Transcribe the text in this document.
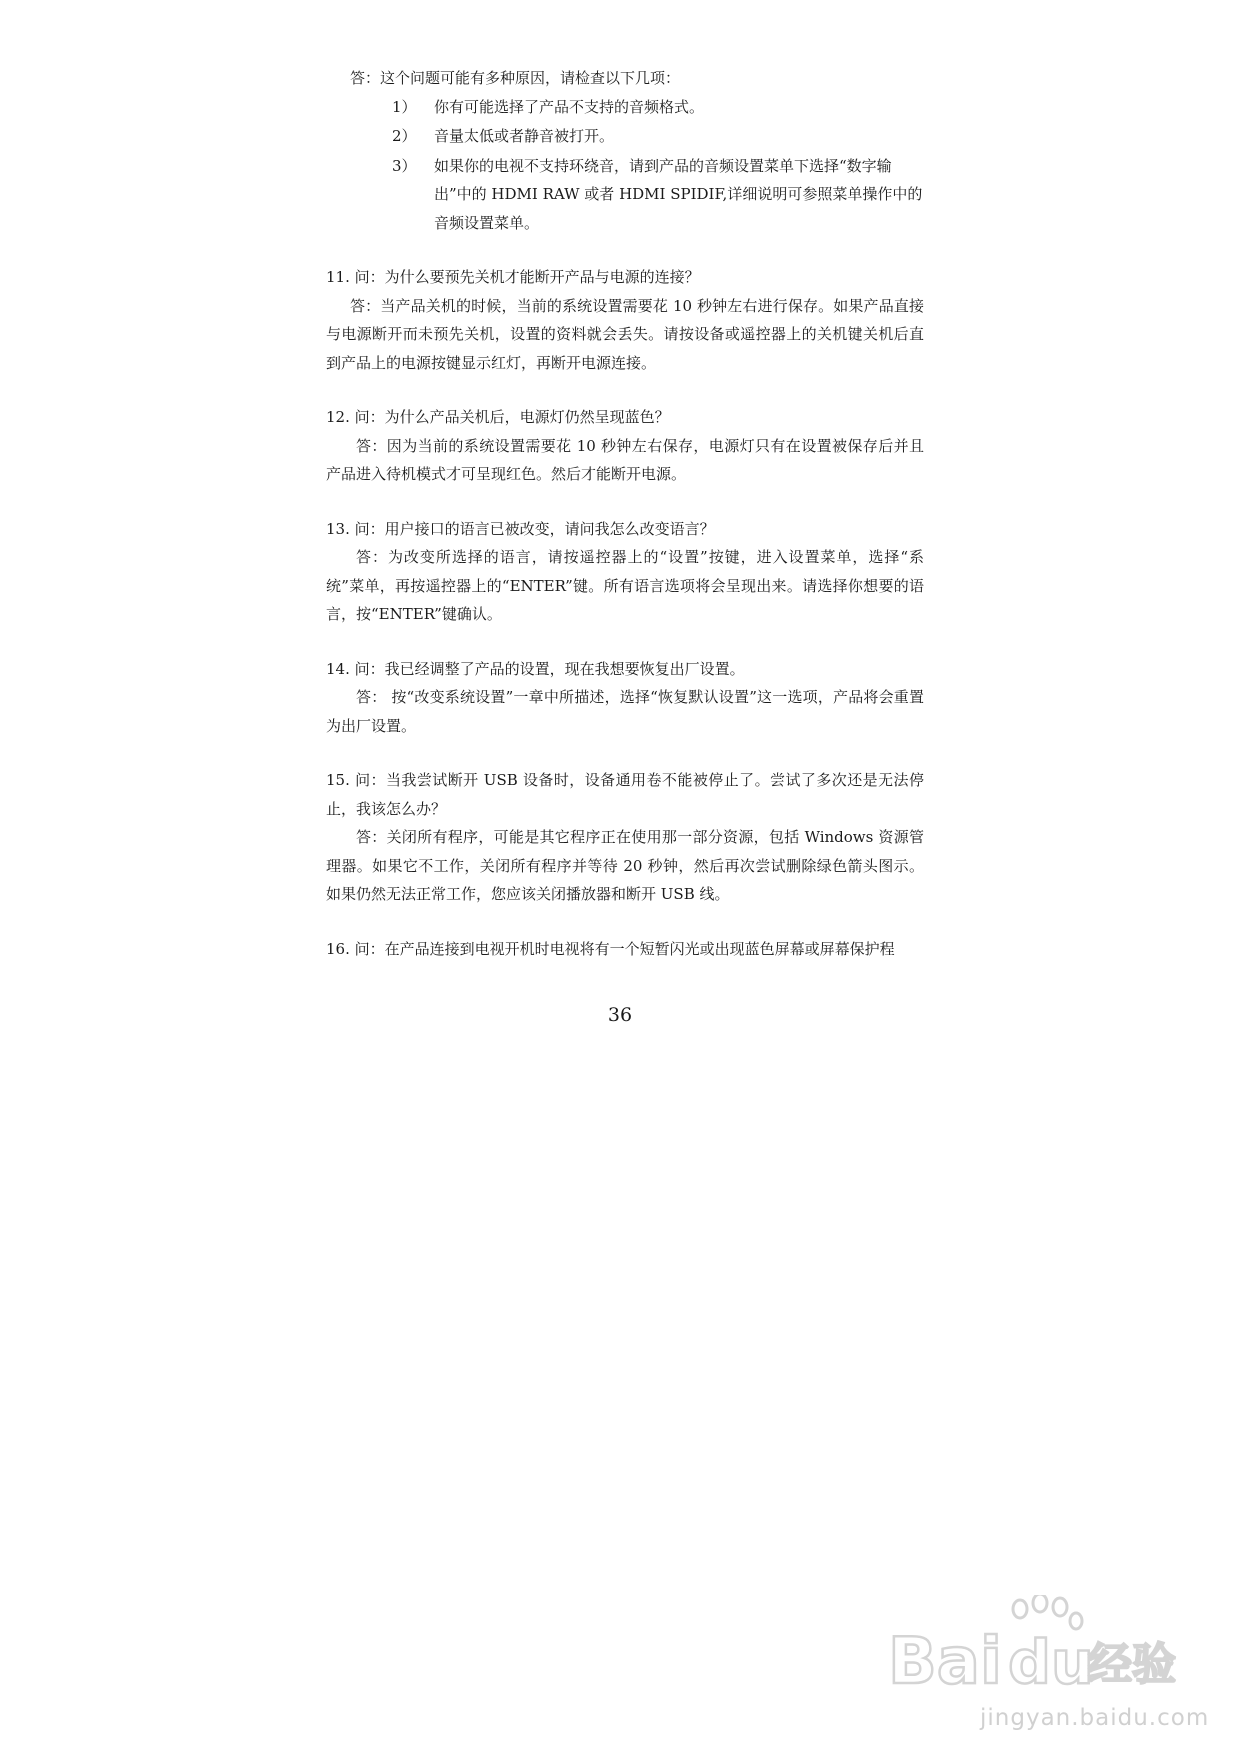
答：这个问题可能有多种原因，请检查以下几项：

1） 你有可能选择了产品不支持的音频格式。
2） 音量太低或者静音被打开。
3） 如果你的电视不支持环绕音，请到产品的音频设置菜单下选择“数字输出”中的 HDMI RAW 或者 HDMI SPIDIF,详细说明可参照菜单操作中的音频设置菜单。

11. 问：为什么要预先关机才能断开产品与电源的连接？

答：当产品关机的时候，当前的系统设置需要花 10 秒钟左右进行保存。如果产品直接与电源断开而未预先关机，设置的资料就会丢失。请按设备或遥控器上的关机键关机后直到产品上的电源按键显示红灯，再断开电源连接。

12. 问：为什么产品关机后，电源灯仍然呈现蓝色？

答：因为当前的系统设置需要花 10 秒钟左右保存，电源灯只有在设置被保存后并且产品进入待机模式才可呈现红色。然后才能断开电源。

13. 问：用户接口的语言已被改变，请问我怎么改变语言？

答：为改变所选择的语言，请按遥控器上的“设置”按键，进入设置菜单，选择“系统”菜单，再按遥控器上的“ENTER”键。所有语言选项将会呈现出来。请选择你想要的语言，按“ENTER”键确认。

14. 问：我已经调整了产品的设置，现在我想要恢复出厂设置。

答： 按“改变系统设置”一章中所描述，选择“恢复默认设置”这一选项，产品将会重置为出厂设置。

15. 问：当我尝试断开 USB 设备时，设备通用卷不能被停止了。尝试了多次还是无法停止，我该怎么办？

答：关闭所有程序，可能是其它程序正在使用那一部分资源，包括 Windows 资源管理器。如果它不工作，关闭所有程序并等待 20 秒钟，然后再次尝试删除绿色箭头图示。如果仍然无法正常工作，您应该关闭播放器和断开 USB 线。

16. 问：在产品连接到电视开机时电视将有一个短暂闪光或出现蓝色屏幕或屏幕保护程

36
Bai du
经验
jingyan.baidu.com
